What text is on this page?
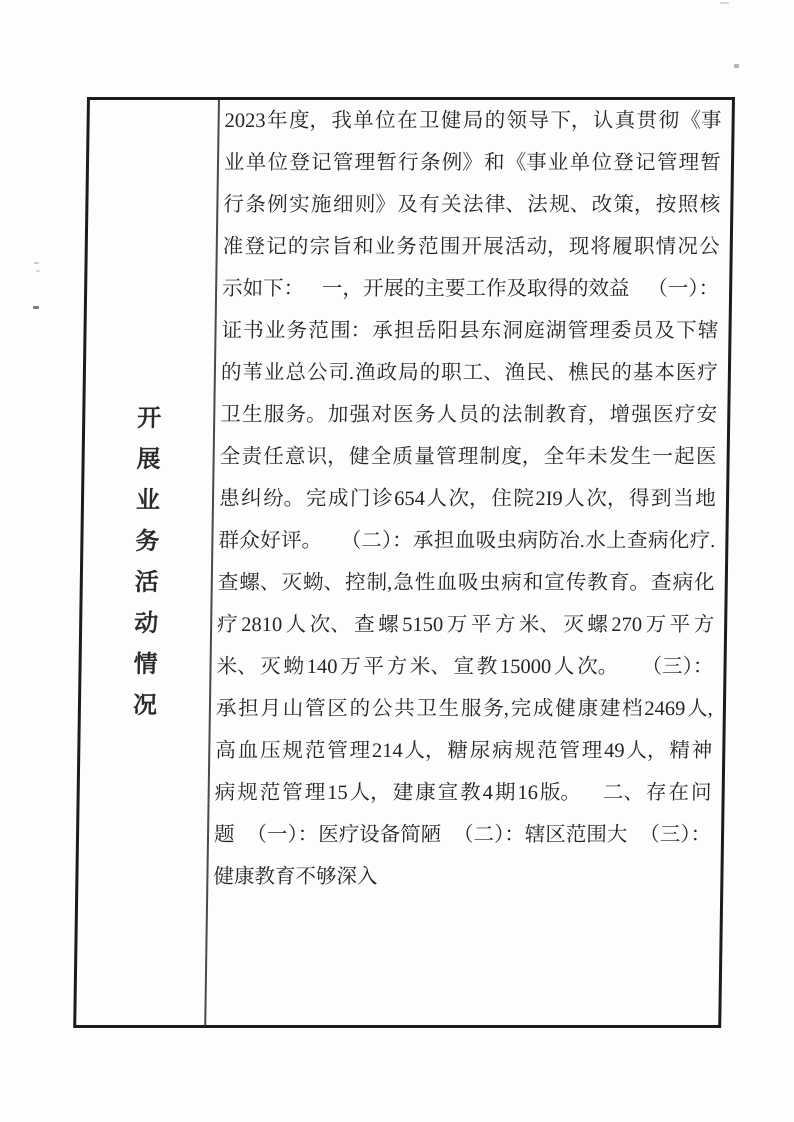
开
展
业
务
活
动
情
况
2023 年 度， 我 单 位 在 卫 健 局 的 领 导 下， 认 真 贯 彻 《事
业 单 位 登 记 管 理 暂 行 条 例》 和 《事 业 单 位 登 记 管 理 暂
行 条 例 实 施 细 则》 及 有 关 法 律、 法 规、 改 策， 按 照 核
准 登 记 的 宗 旨 和 业 务 范 围 开 展 活 动， 现 将 履 职 情 况 公
示 如 下： 一， 开 展 的 主 要 工 作 及 取 得 的 效 益 （一）：
证 书 业 务 范 围： 承 担 岳 阳 县 东 洞 庭 湖 管 理 委 员 及 下 辖
的 苇 业 总 公 司. 渔 政 局 的 职 工、 渔 民、 樵 民 的 基 本 医 疗
卫 生 服 务。 加 强 对 医 务 人 员 的 法 制 教 育， 增 强 医 疗 安
全 责 任 意 识， 健 全 质 量 管 理 制 度， 全 年 未 发 生 一 起 医
患 纠 纷。 完 成 门 诊 654 人 次， 住 院 2I9 人 次， 得 到 当 地
群 众 好 评。 （二）： 承 担 血 吸 虫 病 防 冶. 水 上 查 病 化 疗.
查 螺、 灭 蚴、 控 制, 急 性 血 吸 虫 病 和 宣 传 教 育。 查 病 化
疗 2810 人 次、 查 螺 5150 万 平 方 米、 灭 螺 270 万 平 方
米、 灭 蚴 140 万 平 方 米、 宣 教 15000 人 次。 （三）：
承 担 月 山 管 区 的 公 共 卫 生 服 务, 完 成 健 康 建 档 2469 人,
高 血 压 规 范 管 理 214 人， 糖 尿 病 规 范 管 理 49 人， 精 神
病 规 范 管 理 15 人， 建 康 宣 教 4 期 16 版。 二、 存 在 问
题 （一）： 医 疗 设 备 简 陋 （二）： 辖 区 范 围 大 （三）：
健康教育不够深入
